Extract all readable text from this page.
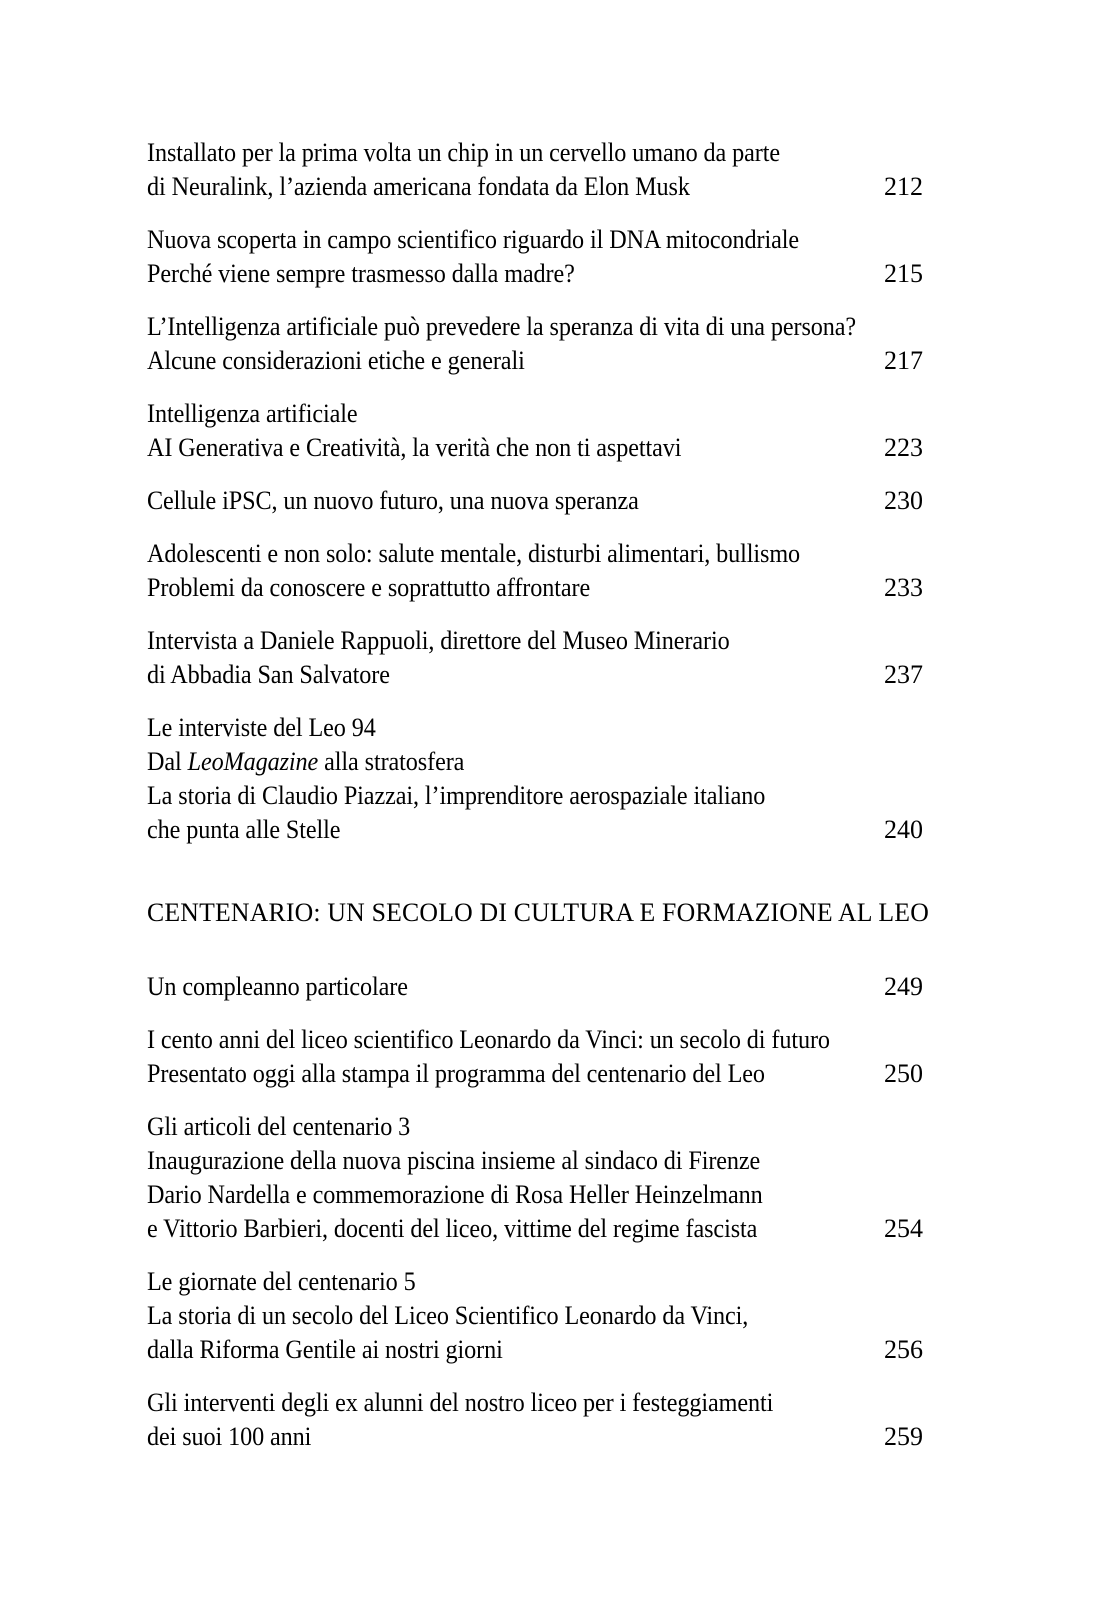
Installato per la prima volta un chip in un cervello umano da parte
di Neuralink, l’azienda americana fondata da Elon Musk	212
Nuova scoperta in campo scientifico riguardo il DNA mitocondriale
Perché viene sempre trasmesso dalla madre?	215
L’Intelligenza artificiale può prevedere la speranza di vita di una persona?
Alcune considerazioni etiche e generali	217
Intelligenza artificiale
AI Generativa e Creatività, la verità che non ti aspettavi	223
Cellule iPSC, un nuovo futuro, una nuova speranza	230
Adolescenti e non solo: salute mentale, disturbi alimentari, bullismo
Problemi da conoscere e soprattutto affrontare	233
Intervista a Daniele Rappuoli, direttore del Museo Minerario
di Abbadia San Salvatore	237
Le interviste del Leo 94
Dal LeoMagazine alla stratosfera
La storia di Claudio Piazzai, l’imprenditore aerospaziale italiano
che punta alle Stelle	240
CENTENARIO: UN SECOLO DI CULTURA E FORMAZIONE AL LEO
Un compleanno particolare	249
I cento anni del liceo scientifico Leonardo da Vinci: un secolo di futuro
Presentato oggi alla stampa il programma del centenario del Leo	250
Gli articoli del centenario 3
Inaugurazione della nuova piscina insieme al sindaco di Firenze
Dario Nardella e commemorazione di Rosa Heller Heinzelmann
e Vittorio Barbieri, docenti del liceo, vittime del regime fascista	254
Le giornate del centenario 5
La storia di un secolo del Liceo Scientifico Leonardo da Vinci,
dalla Riforma Gentile ai nostri giorni	256
Gli interventi degli ex alunni del nostro liceo per i festeggiamenti
dei suoi 100 anni	259
